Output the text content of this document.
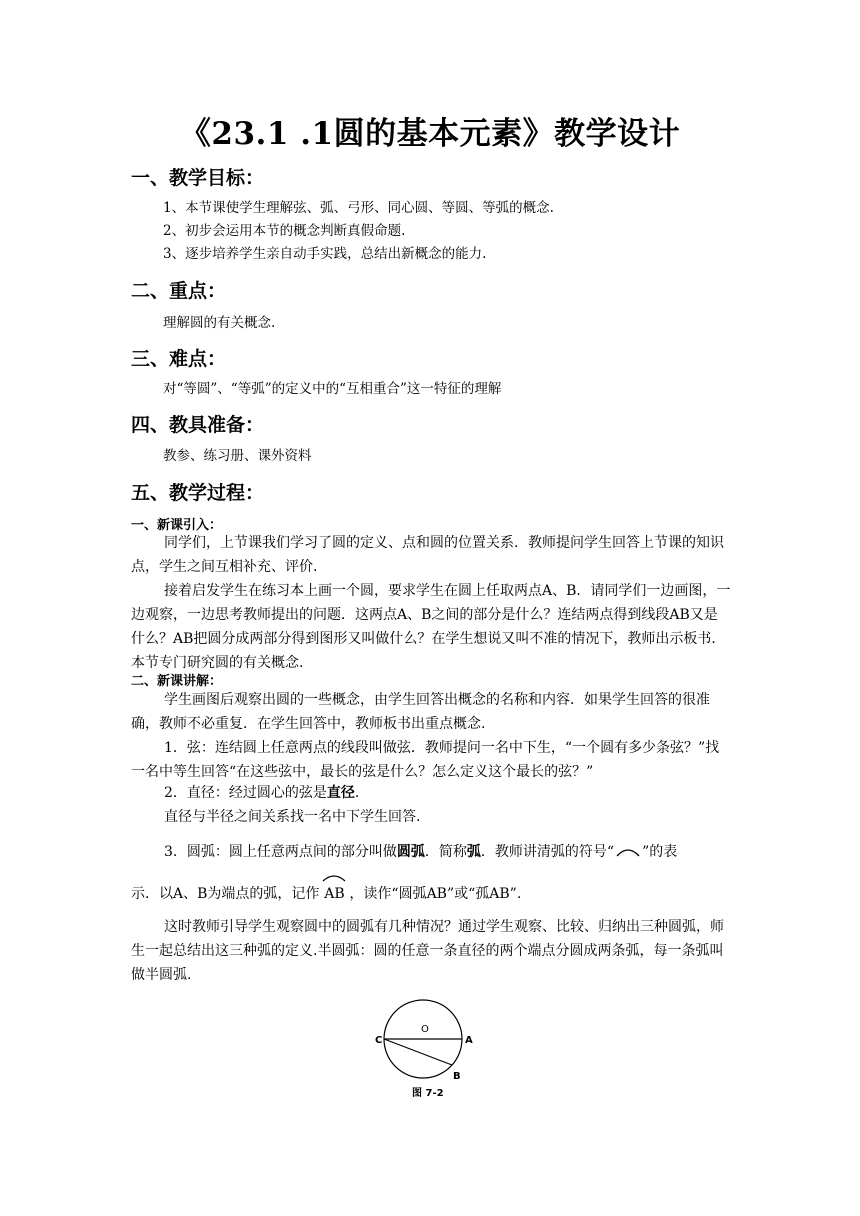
《23.1 .1圆的基本元素》教学设计
一、教学目标：
1、本节课使学生理解弦、弧、弓形、同心圆、等圆、等弧的概念.
2、初步会运用本节的概念判断真假命题.
3、逐步培养学生亲自动手实践，总结出新概念的能力.
二、重点：
理解圆的有关概念.
三、难点：
对“等圆”、“等弧”的定义中的“互相重合”这一特征的理解
四、教具准备：
教参、练习册、课外资料
五、教学过程：
一、新课引入：
同学们，上节课我们学习了圆的定义、点和圆的位置关系．教师提问学生回答上节课的知识点，学生之间互相补充、评价.
接着启发学生在练习本上画一个圆，要求学生在圆上任取两点A、B．请同学们一边画图，一边观察，一边思考教师提出的问题．这两点A、B之间的部分是什么？连结两点得到线段AB又是什么？AB把圆分成两部分得到图形又叫做什么？在学生想说又叫不准的情况下，教师出示板书．本节专门研究圆的有关概念.
二、新课讲解：
学生画图后观察出圆的一些概念，由学生回答出概念的名称和内容．如果学生回答的很准确，教师不必重复．在学生回答中，教师板书出重点概念.
1．弦：连结圆上任意两点的线段叫做弦．教师提问一名中下生，“一个圆有多少条弦？”找一名中等生回答“在这些弦中，最长的弦是什么？怎么定义这个最长的弦？”
2．直径：经过圆心的弦是直径.
直径与半径之间关系找一名中下学生回答.
3．圆弧：圆上任意两点间的部分叫做圆弧．简称弧．教师讲清弧的符号“ ”的表
示．以A、B为端点的弧，记作 AB ，读作“圆弧AB”或“孤AB”.
这时教师引导学生观察圆中的圆弧有几种情况？通过学生观察、比较、归纳出三种圆弧，师生一起总结出这三种弧的定义.半圆弧：圆的任意一条直径的两个端点分圆成两条弧，每一条弧叫做半圆弧.
O
A
C
B
图 7-2
